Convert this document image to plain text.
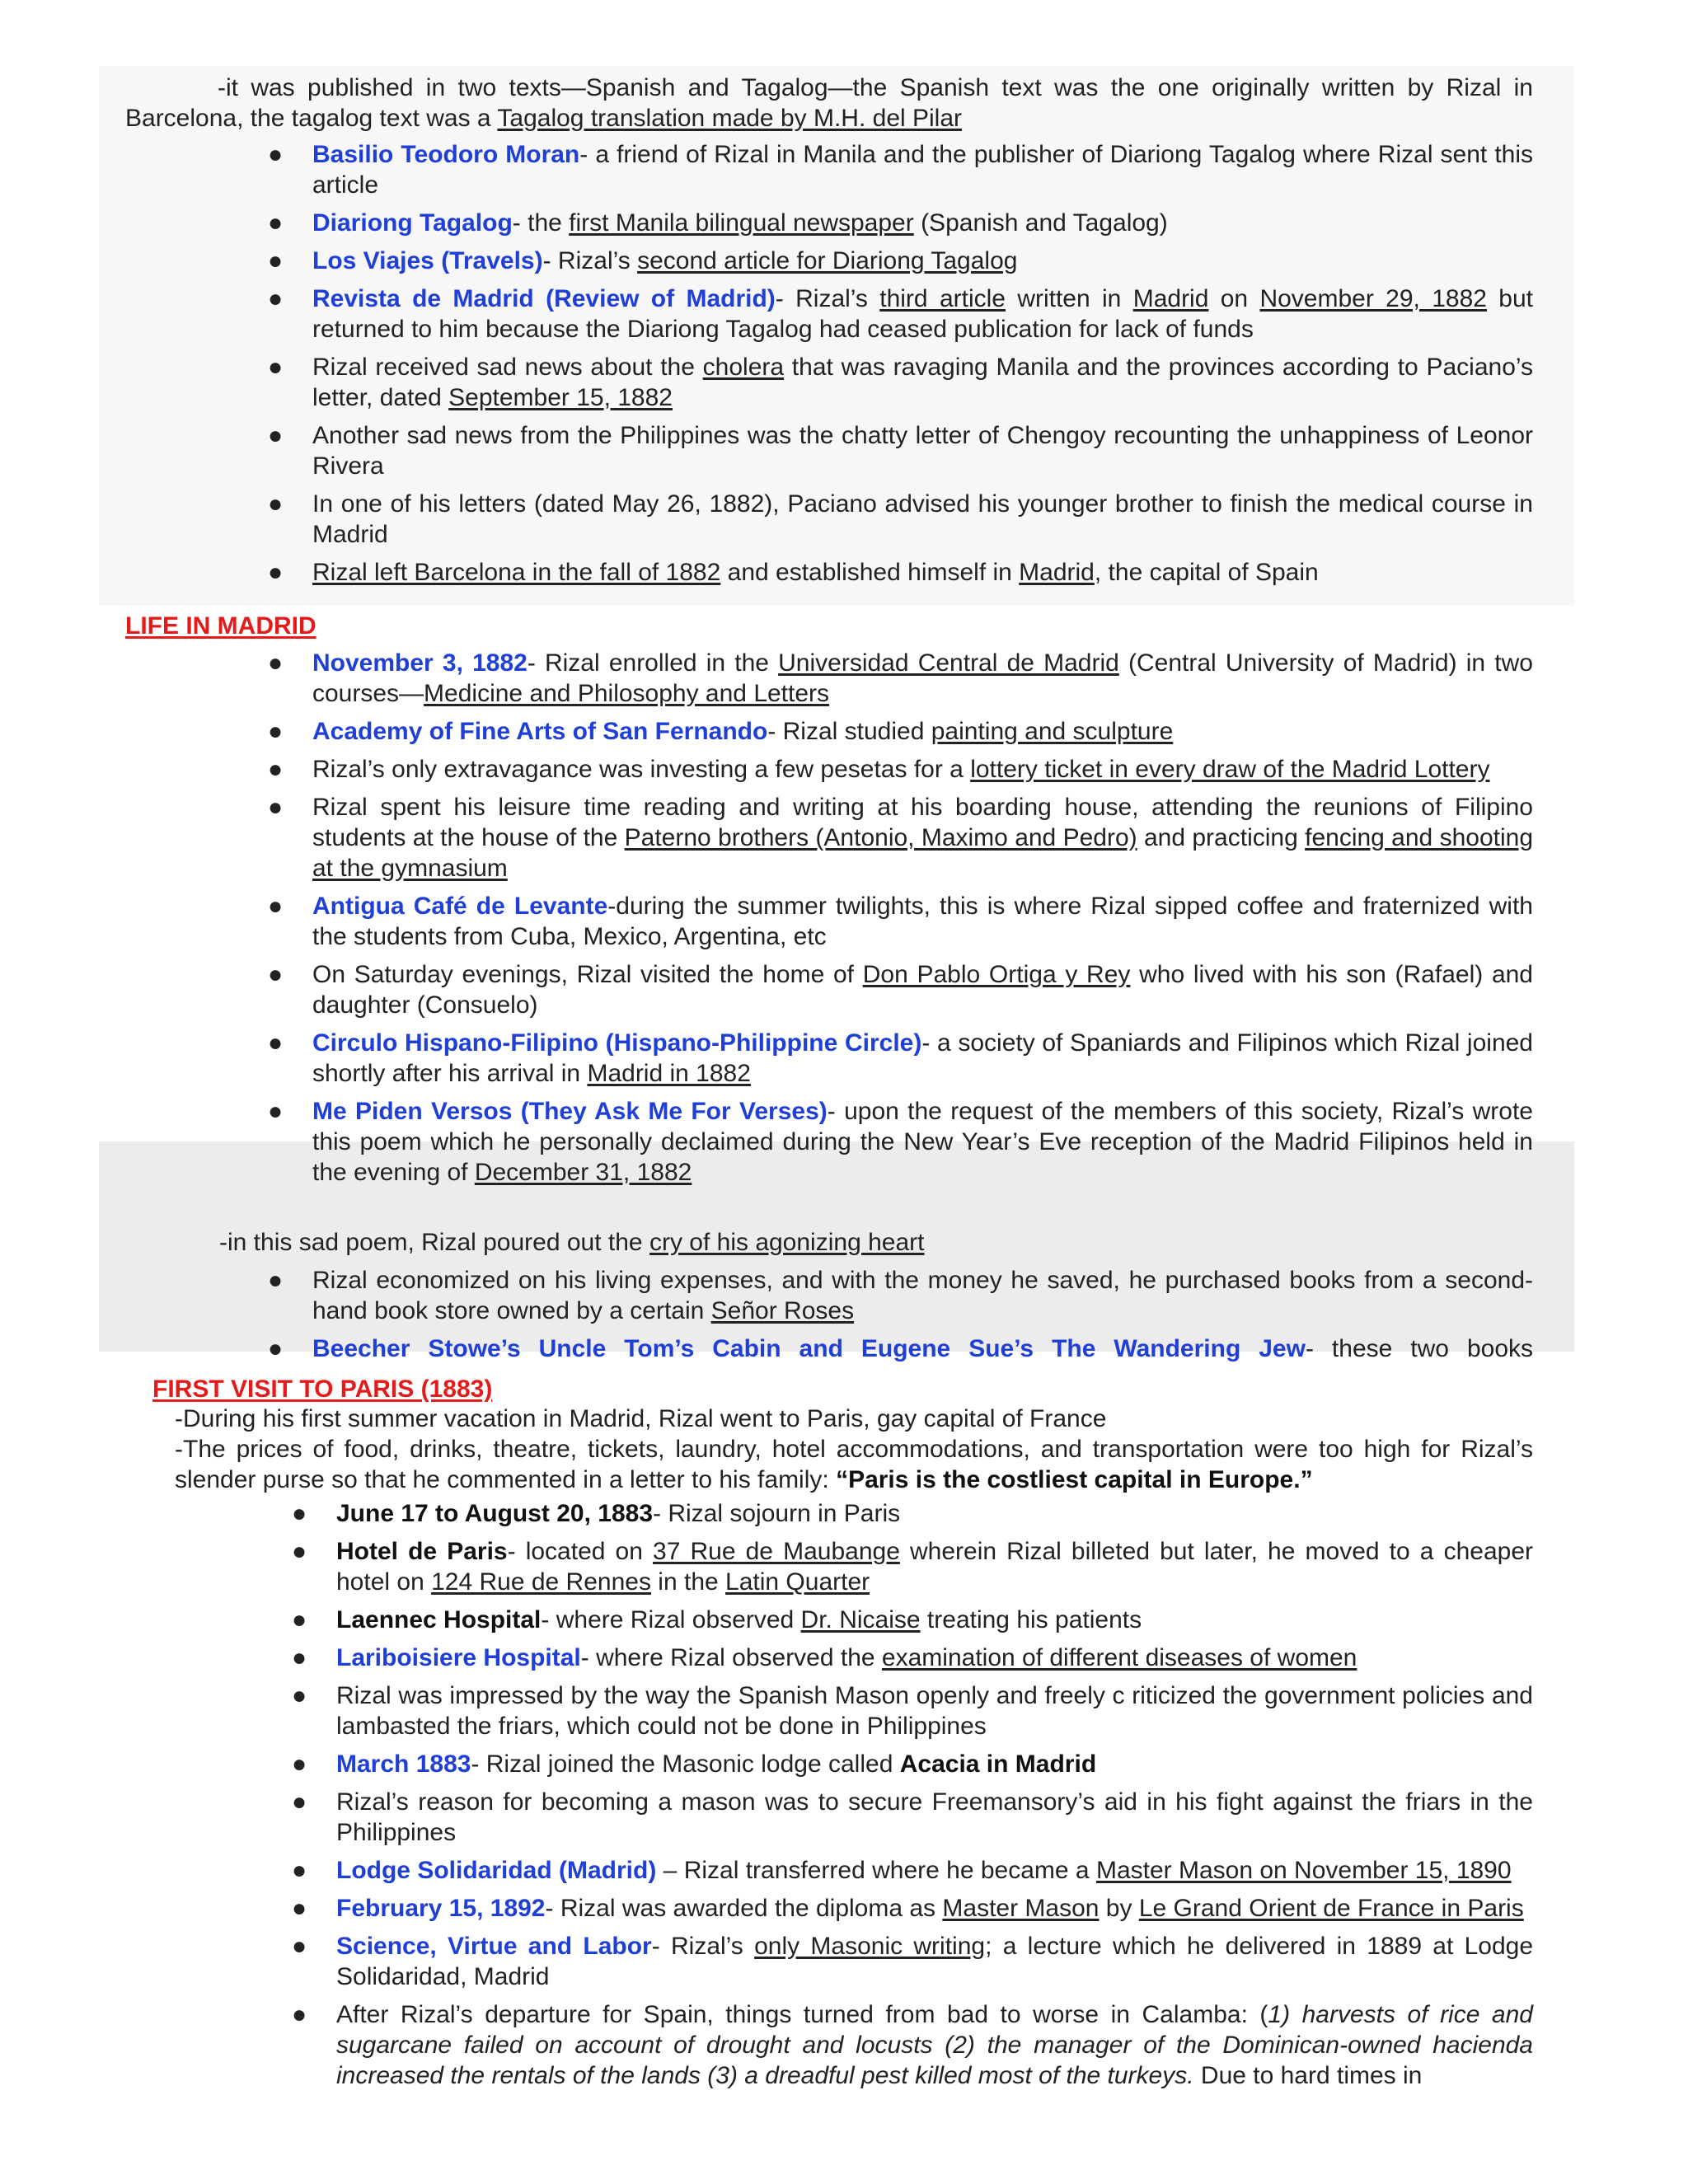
-it was published in two texts—Spanish and Tagalog—the Spanish text was the one originally written by Rizal in Barcelona, the tagalog text was a Tagalog translation made by M.H. del Pilar
● Basilio Teodoro Moran- a friend of Rizal in Manila and the publisher of Diariong Tagalog where Rizal sent this article
● Diariong Tagalog- the first Manila bilingual newspaper (Spanish and Tagalog)
● Los Viajes (Travels)- Rizal’s second article for Diariong Tagalog
● Revista de Madrid (Review of Madrid)- Rizal’s third article written in Madrid on November 29, 1882 but returned to him because the Diariong Tagalog had ceased publication for lack of funds
● Rizal received sad news about the cholera that was ravaging Manila and the provinces according to Paciano’s letter, dated September 15, 1882
● Another sad news from the Philippines was the chatty letter of Chengoy recounting the unhappiness of Leonor Rivera
● In one of his letters (dated May 26, 1882), Paciano advised his younger brother to finish the medical course in Madrid
● Rizal left Barcelona in the fall of 1882 and established himself in Madrid, the capital of Spain
LIFE IN MADRID
● November 3, 1882- Rizal enrolled in the Universidad Central de Madrid (Central University of Madrid) in two courses—Medicine and Philosophy and Letters
● Academy of Fine Arts of San Fernando- Rizal studied painting and sculpture
● Rizal’s only extravagance was investing a few pesetas for a lottery ticket in every draw of the Madrid Lottery
● Rizal spent his leisure time reading and writing at his boarding house, attending the reunions of Filipino students at the house of the Paterno brothers (Antonio, Maximo and Pedro) and practicing fencing and shooting at the gymnasium
● Antigua Café de Levante-during the summer twilights, this is where Rizal sipped coffee and fraternized with the students from Cuba, Mexico, Argentina, etc
● On Saturday evenings, Rizal visited the home of Don Pablo Ortiga y Rey who lived with his son (Rafael) and daughter (Consuelo)
● Circulo Hispano-Filipino (Hispano-Philippine Circle)- a society of Spaniards and Filipinos which Rizal joined shortly after his arrival in Madrid in 1882
● Me Piden Versos (They Ask Me For Verses)- upon the request of the members of this society, Rizal’s wrote this poem which he personally declaimed during the New Year’s Eve reception of the Madrid Filipinos held in the evening of December 31, 1882
-in this sad poem, Rizal poured out the cry of his agonizing heart
● Rizal economized on his living expenses, and with the money he saved, he purchased books from a second-hand book store owned by a certain Señor Roses
● Beecher Stowe’s Uncle Tom’s Cabin and Eugene Sue’s The Wandering Jew- these two books
FIRST VISIT TO PARIS (1883)
-During his first summer vacation in Madrid, Rizal went to Paris, gay capital of France
-The prices of food, drinks, theatre, tickets, laundry, hotel accommodations, and transportation were too high for Rizal’s slender purse so that he commented in a letter to his family: “Paris is the costliest capital in Europe.”
● June 17 to August 20, 1883- Rizal sojourn in Paris
● Hotel de Paris- located on 37 Rue de Maubange wherein Rizal billeted but later, he moved to a cheaper hotel on 124 Rue de Rennes in the Latin Quarter
● Laennec Hospital- where Rizal observed Dr. Nicaise treating his patients
● Lariboisiere Hospital- where Rizal observed the examination of different diseases of women
● Rizal was impressed by the way the Spanish Mason openly and freely c riticized the government policies and lambasted the friars, which could not be done in Philippines
● March 1883- Rizal joined the Masonic lodge called Acacia in Madrid
● Rizal’s reason for becoming a mason was to secure Freemansory’s aid in his fight against the friars in the Philippines
● Lodge Solidaridad (Madrid) – Rizal transferred where he became a Master Mason on November 15, 1890
● February 15, 1892- Rizal was awarded the diploma as Master Mason by Le Grand Orient de France in Paris
● Science, Virtue and Labor- Rizal’s only Masonic writing; a lecture which he delivered in 1889 at Lodge Solidaridad, Madrid
● After Rizal’s departure for Spain, things turned from bad to worse in Calamba: (1) harvests of rice and sugarcane failed on account of drought and locusts (2) the manager of the Dominican-owned hacienda increased the rentals of the lands (3) a dreadful pest killed most of the turkeys. Due to hard times in
